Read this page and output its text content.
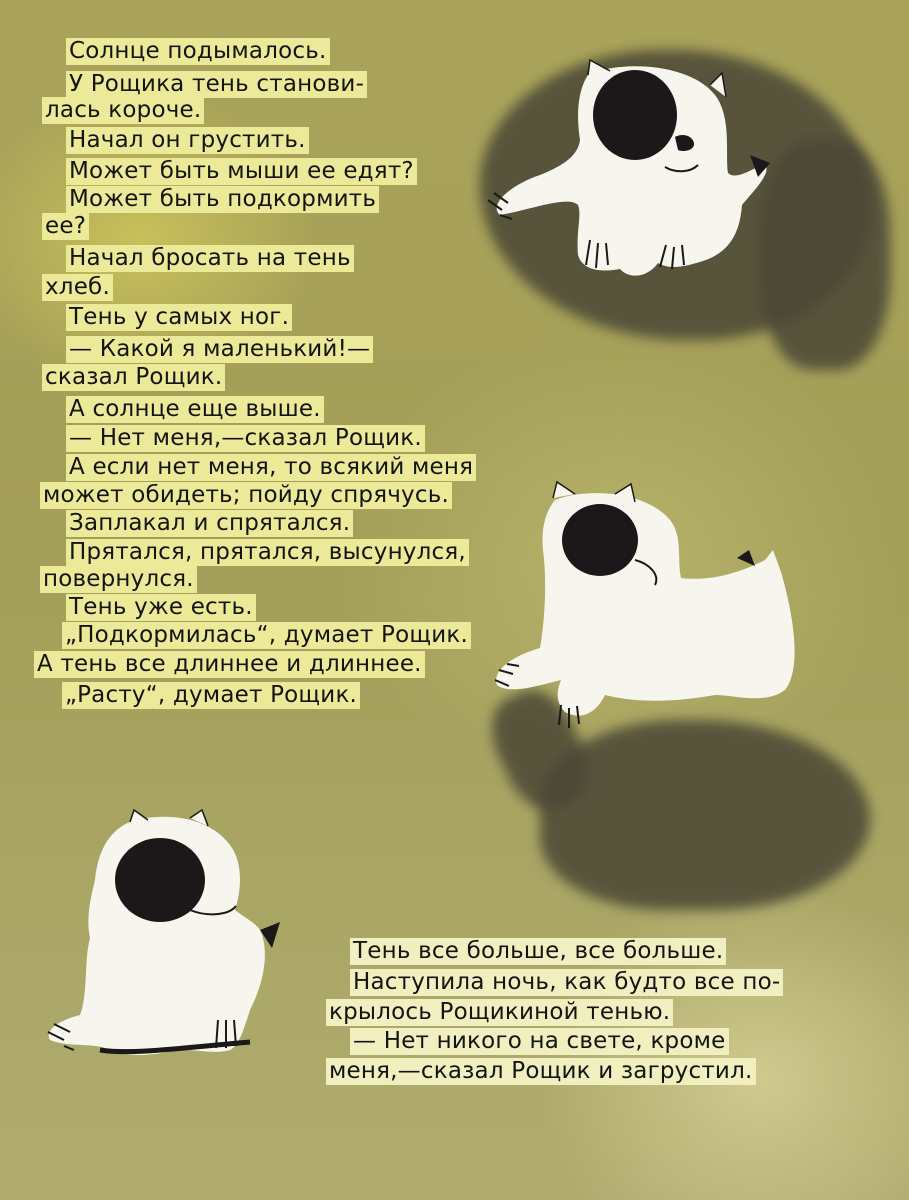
Солнце подымалось.
У Рощика тень станови-
лась короче.
Начал он грустить.
Может быть мыши ее едят?
Может быть подкормить
ее?
Начал бросать на тень
хлеб.
Тень у самых ног.
— Какой я маленький!—
сказал Рощик.
А солнце еще выше.
— Нет меня,—сказал Рощик.
А если нет меня, то всякий меня
может обидеть; пойду спрячусь.
Заплакал и спрятался.
Прятался, прятался, высунулся,
повернулся.
Тень уже есть.
„Подкормилась“, думает Рощик.
А тень все длиннее и длиннее.
„Расту“, думает Рощик.
Тень все больше, все больше.
Наступила ночь, как будто все по-
крылось Рощикиной тенью.
— Нет никого на свете, кроме
меня,—сказал Рощик и загрустил.
